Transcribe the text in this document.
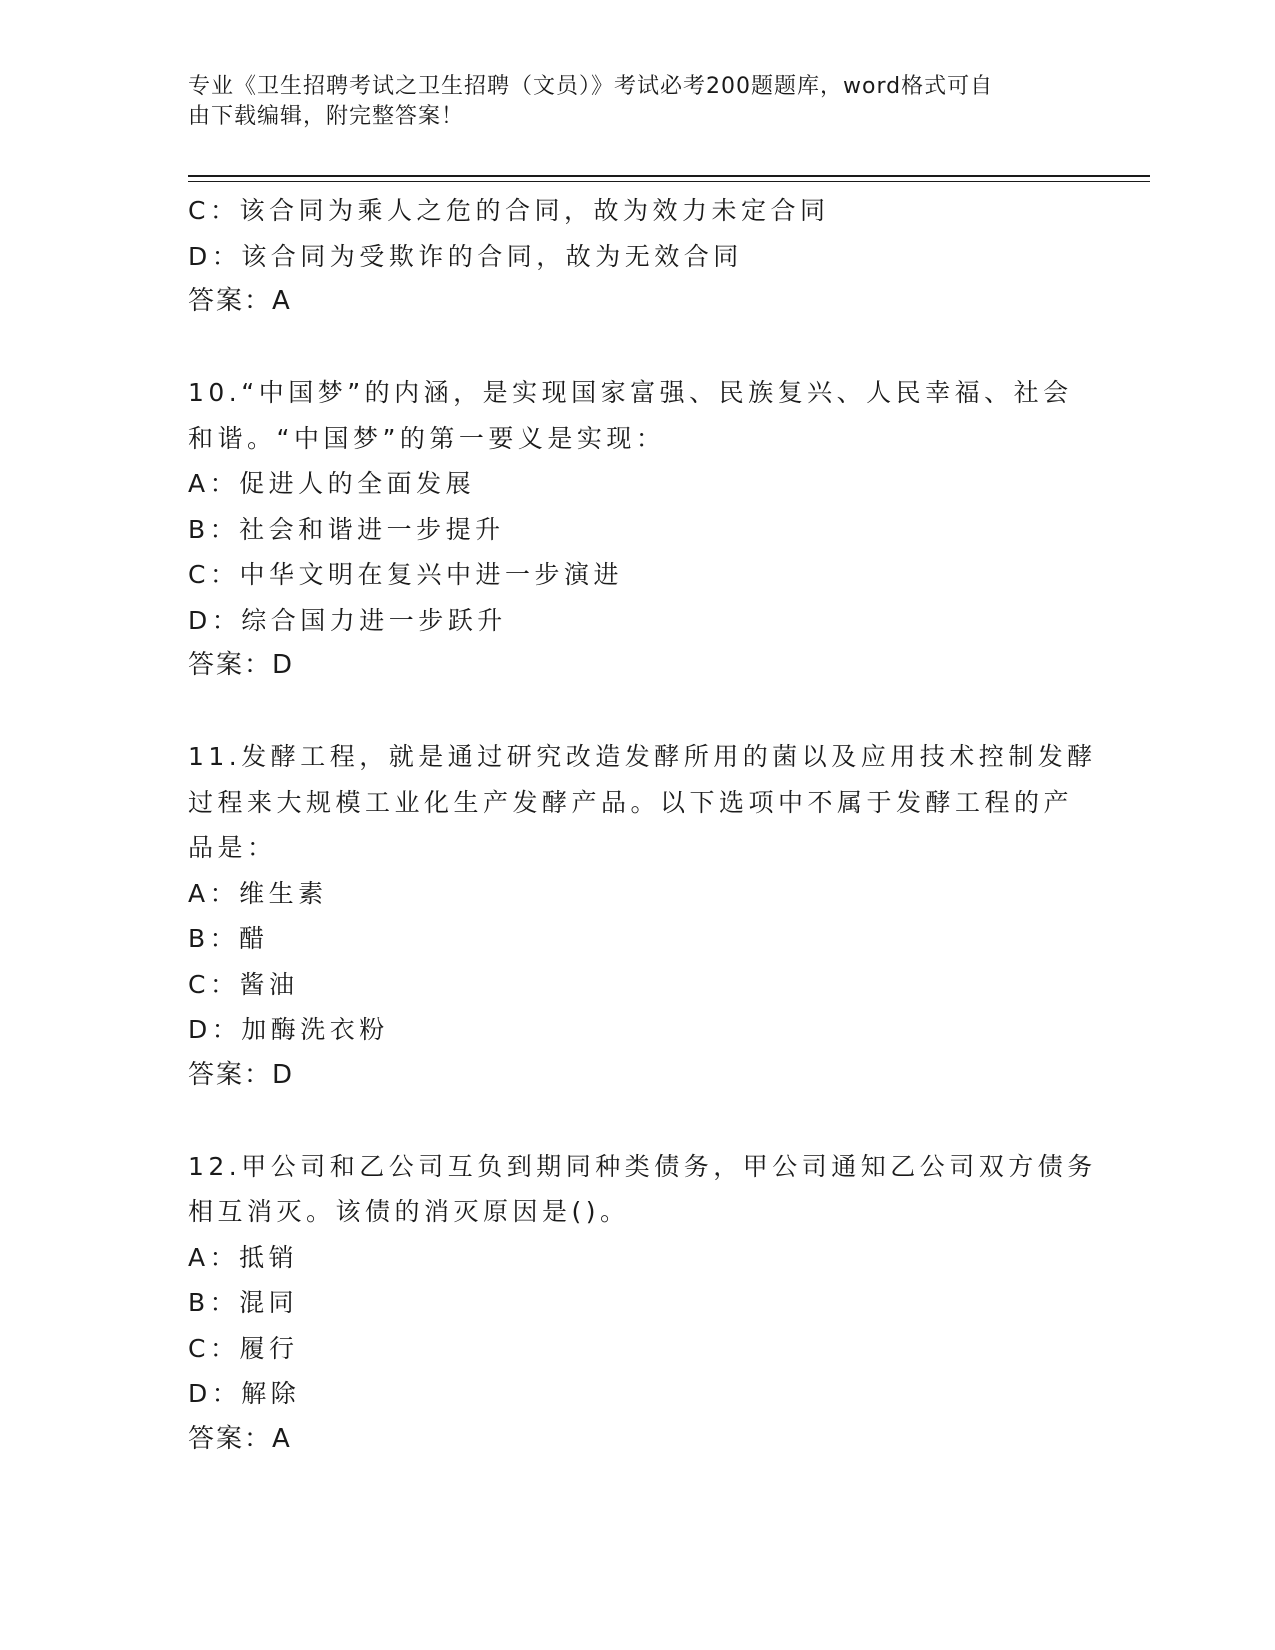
专业《卫生招聘考试之卫生招聘（文员）》考试必考200题题库，word格式可自
由下载编辑，附完整答案！
C：该合同为乘人之危的合同，故为效力未定合同
D：该合同为受欺诈的合同，故为无效合同
答案：A
10.“中国梦”的内涵，是实现国家富强、民族复兴、人民幸福、社会
和谐。“中国梦”的第一要义是实现：
A：促进人的全面发展
B：社会和谐进一步提升
C：中华文明在复兴中进一步演进
D：综合国力进一步跃升
答案：D
11.发酵工程，就是通过研究改造发酵所用的菌以及应用技术控制发酵
过程来大规模工业化生产发酵产品。以下选项中不属于发酵工程的产
品是：
A：维生素
B：醋
C：酱油
D：加酶洗衣粉
答案：D
12.甲公司和乙公司互负到期同种类债务，甲公司通知乙公司双方债务
相互消灭。该债的消灭原因是()。
A：抵销
B：混同
C：履行
D：解除
答案：A
